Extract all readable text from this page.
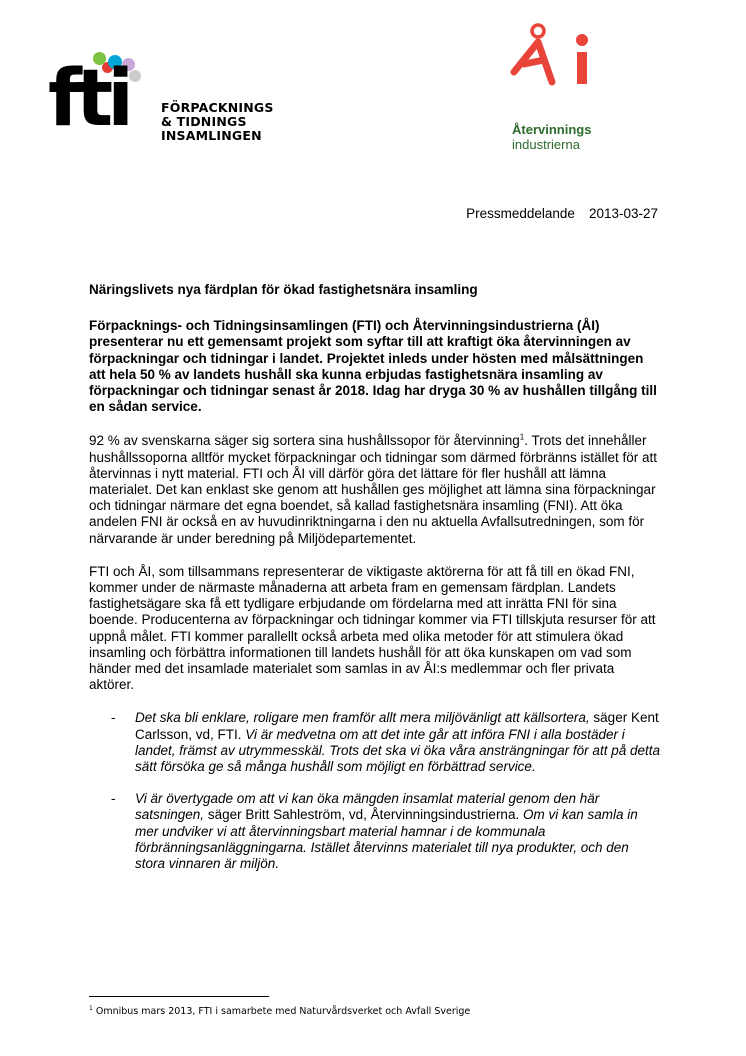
fti	FÖRPACKNINGS
& TIDNINGS
INSAMLINGEN	Återvinnings
industrierna
Pressmeddelande 2013-03-27

Näringslivets nya färdplan för ökad fastighetsnära insamling

Förpacknings- och Tidningsinsamlingen (FTI) och Återvinningsindustrierna (ÅI) presenterar nu ett gemensamt projekt som syftar till att kraftigt öka återvinningen av förpackningar och tidningar i landet. Projektet inleds under hösten med målsättningen att hela 50 % av landets hushåll ska kunna erbjudas fastighetsnära insamling av förpackningar och tidningar senast år 2018. Idag har dryga 30 % av hushållen tillgång till en sådan service.

92 % av svenskarna säger sig sortera sina hushållssopor för återvinning$^1$. Trots det innehåller hushållssoporna alltför mycket förpackningar och tidningar som därmed förbränns istället för att återvinnas i nytt material. FTI och ÅI vill därför göra det lättare för fler hushåll att lämna materialet. Det kan enklast ske genom att hushållen ges möjlighet att lämna sina förpackningar och tidningar närmare det egna boendet, så kallad fastighetsnära insamling (FNI). Att öka andelen FNI är också en av huvudinriktningarna i den nu aktuella Avfallsutredningen, som för närvarande är under beredning på Miljödepartementet.

FTI och ÅI, som tillsammans representerar de viktigaste aktörerna för att få till en ökad FNI, kommer under de närmaste månaderna att arbeta fram en gemensam färdplan. Landets fastighetsägare ska få ett tydligare erbjudande om fördelarna med att inrätta FNI för sina boende. Producenterna av förpackningar och tidningar kommer via FTI tillskjuta resurser för att uppnå målet. FTI kommer parallellt också arbeta med olika metoder för att stimulera ökad insamling och förbättra informationen till landets hushåll för att öka kunskapen om vad som händer med det insamlade materialet som samlas in av ÅI:s medlemmar och fler privata aktörer.

- Det ska bli enklare, roligare men framför allt mera miljövänligt att källsortera, säger Kent Carlsson, vd, FTI. Vi är medvetna om att det inte går att införa FNI i alla bostäder i landet, främst av utrymmesskäl. Trots det ska vi öka våra ansträngningar för att på detta sätt försöka ge så många hushåll som möjligt en förbättrad service.
- Vi är övertygade om att vi kan öka mängden insamlat material genom den här satsningen, säger Britt Sahleström, vd, Återvinningsindustrierna. Om vi kan samla in mer undviker vi att återvinningsbart material hamnar i de kommunala förbränningsanläggningarna. Istället återvinns materialet till nya produkter, och den stora vinnaren är miljön.
$^1$ Omnibus mars 2013, FTI i samarbete med Naturvårdsverket och Avfall Sverige
